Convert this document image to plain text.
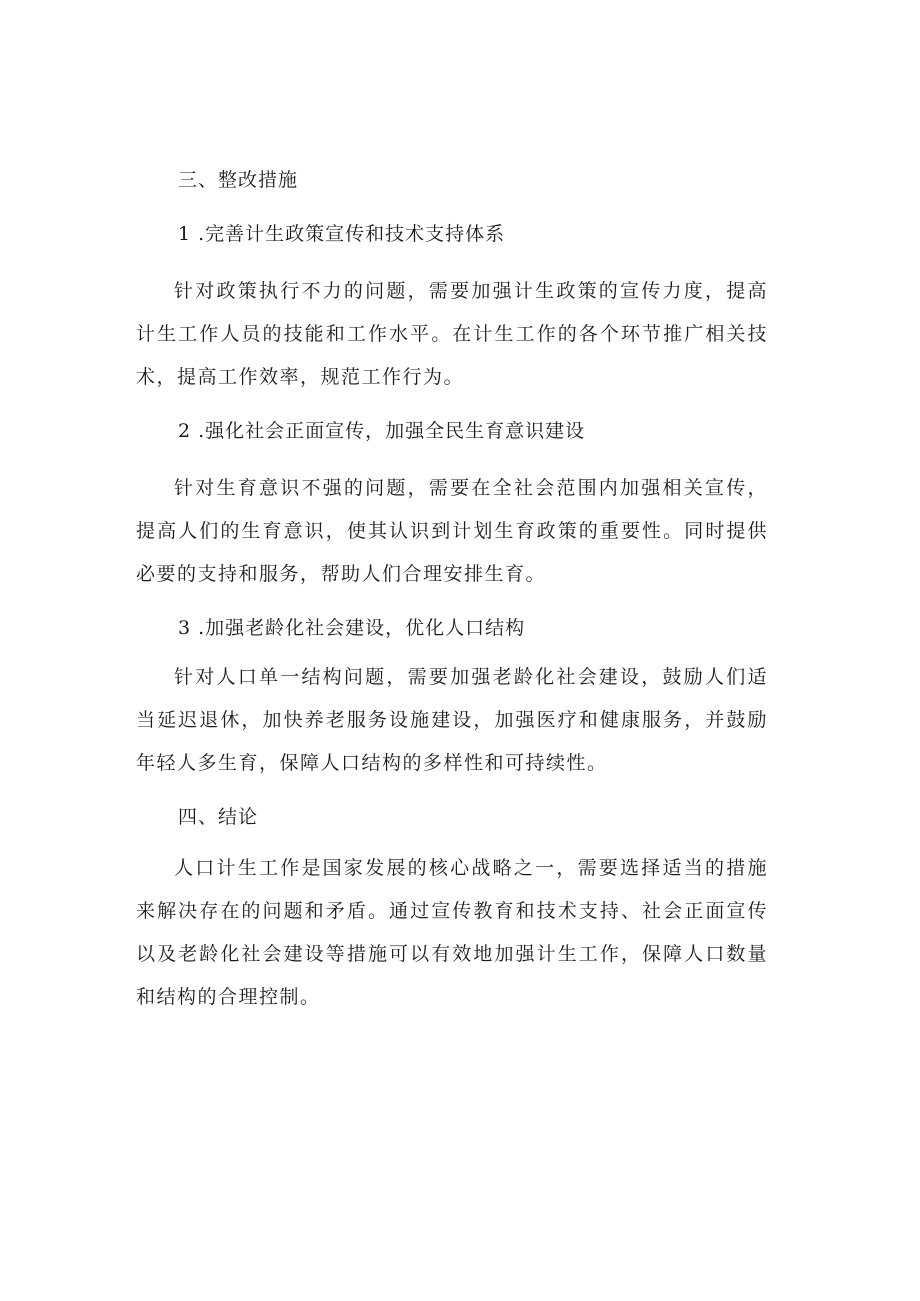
三、整改措施
1 .完善计生政策宣传和技术支持体系

针对政策执行不力的问题，需要加强计生政策的宣传力度，提高计生工作人员的技能和工作水平。在计生工作的各个环节推广相关技术，提高工作效率，规范工作行为。

2 .强化社会正面宣传，加强全民生育意识建设

针对生育意识不强的问题，需要在全社会范围内加强相关宣传，提高人们的生育意识，使其认识到计划生育政策的重要性。同时提供必要的支持和服务，帮助人们合理安排生育。

3 .加强老龄化社会建设，优化人口结构

针对人口单一结构问题，需要加强老龄化社会建设，鼓励人们适当延迟退休，加快养老服务设施建设，加强医疗和健康服务，并鼓励年轻人多生育，保障人口结构的多样性和可持续性。

四、结论

人口计生工作是国家发展的核心战略之一，需要选择适当的措施来解决存在的问题和矛盾。通过宣传教育和技术支持、社会正面宣传以及老龄化社会建设等措施可以有效地加强计生工作，保障人口数量和结构的合理控制。
